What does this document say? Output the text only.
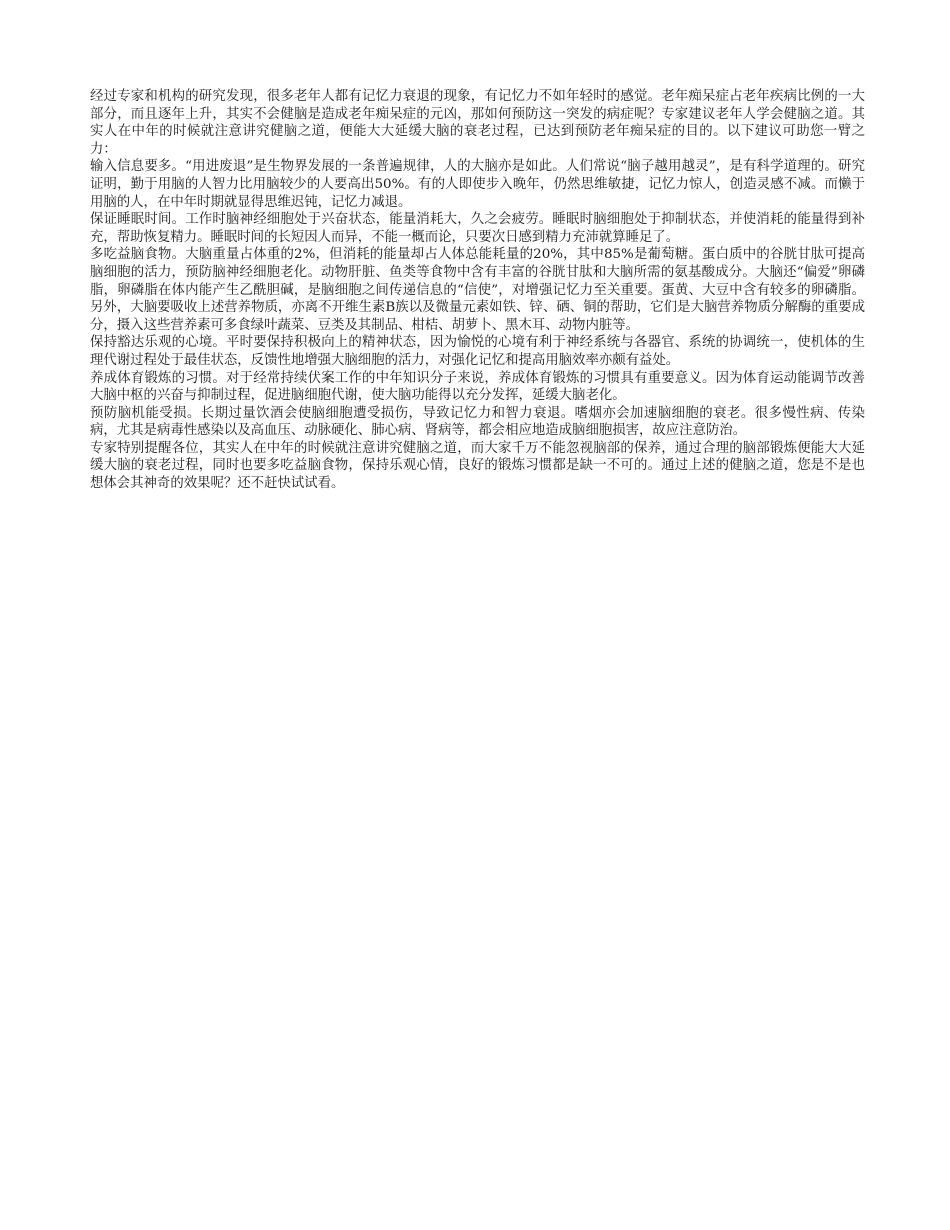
经过专家和机构的研究发现，很多老年人都有记忆力衰退的现象，有记忆力不如年轻时的感觉。老年痴呆症占老年疾病比例的一大部分，而且逐年上升，其实不会健脑是造成老年痴呆症的元凶，那如何预防这一突发的病症呢？专家建议老年人学会健脑之道。其实人在中年的时候就注意讲究健脑之道，便能大大延缓大脑的衰老过程，已达到预防老年痴呆症的目的。以下建议可助您一臂之力：

输入信息要多。“用进废退”是生物界发展的一条普遍规律，人的大脑亦是如此。人们常说“脑子越用越灵”，是有科学道理的。研究证明，勤于用脑的人智力比用脑较少的人要高出50%。有的人即使步入晚年，仍然思维敏捷，记忆力惊人，创造灵感不减。而懒于用脑的人，在中年时期就显得思维迟钝，记忆力减退。

保证睡眠时间。工作时脑神经细胞处于兴奋状态，能量消耗大，久之会疲劳。睡眠时脑细胞处于抑制状态，并使消耗的能量得到补充，帮助恢复精力。睡眠时间的长短因人而异，不能一概而论，只要次日感到精力充沛就算睡足了。

多吃益脑食物。大脑重量占体重的2%，但消耗的能量却占人体总能耗量的20%，其中85%是葡萄糖。蛋白质中的谷胱甘肽可提高脑细胞的活力，预防脑神经细胞老化。动物肝脏、鱼类等食物中含有丰富的谷胱甘肽和大脑所需的氨基酸成分。大脑还“偏爱”卵磷脂，卵磷脂在体内能产生乙酰胆碱，是脑细胞之间传递信息的“信使”，对增强记忆力至关重要。蛋黄、大豆中含有较多的卵磷脂。另外，大脑要吸收上述营养物质，亦离不开维生素B族以及微量元素如铁、锌、硒、铜的帮助，它们是大脑营养物质分解酶的重要成分，摄入这些营养素可多食绿叶蔬菜、豆类及其制品、柑桔、胡萝卜、黑木耳、动物内脏等。

保持豁达乐观的心境。平时要保持积极向上的精神状态，因为愉悦的心境有利于神经系统与各器官、系统的协调统一，使机体的生理代谢过程处于最佳状态，反馈性地增强大脑细胞的活力，对强化记忆和提高用脑效率亦颇有益处。

养成体育锻炼的习惯。对于经常持续伏案工作的中年知识分子来说，养成体育锻炼的习惯具有重要意义。因为体育运动能调节改善大脑中枢的兴奋与抑制过程，促进脑细胞代谢，使大脑功能得以充分发挥，延缓大脑老化。

预防脑机能受损。长期过量饮酒会使脑细胞遭受损伤，导致记忆力和智力衰退。嗜烟亦会加速脑细胞的衰老。很多慢性病、传染病，尤其是病毒性感染以及高血压、动脉硬化、肺心病、肾病等，都会相应地造成脑细胞损害，故应注意防治。

专家特别提醒各位，其实人在中年的时候就注意讲究健脑之道，而大家千万不能忽视脑部的保养，通过合理的脑部锻炼便能大大延缓大脑的衰老过程，同时也要多吃益脑食物，保持乐观心情，良好的锻炼习惯都是缺一不可的。通过上述的健脑之道，您是不是也想体会其神奇的效果呢？还不赶快试试看。
